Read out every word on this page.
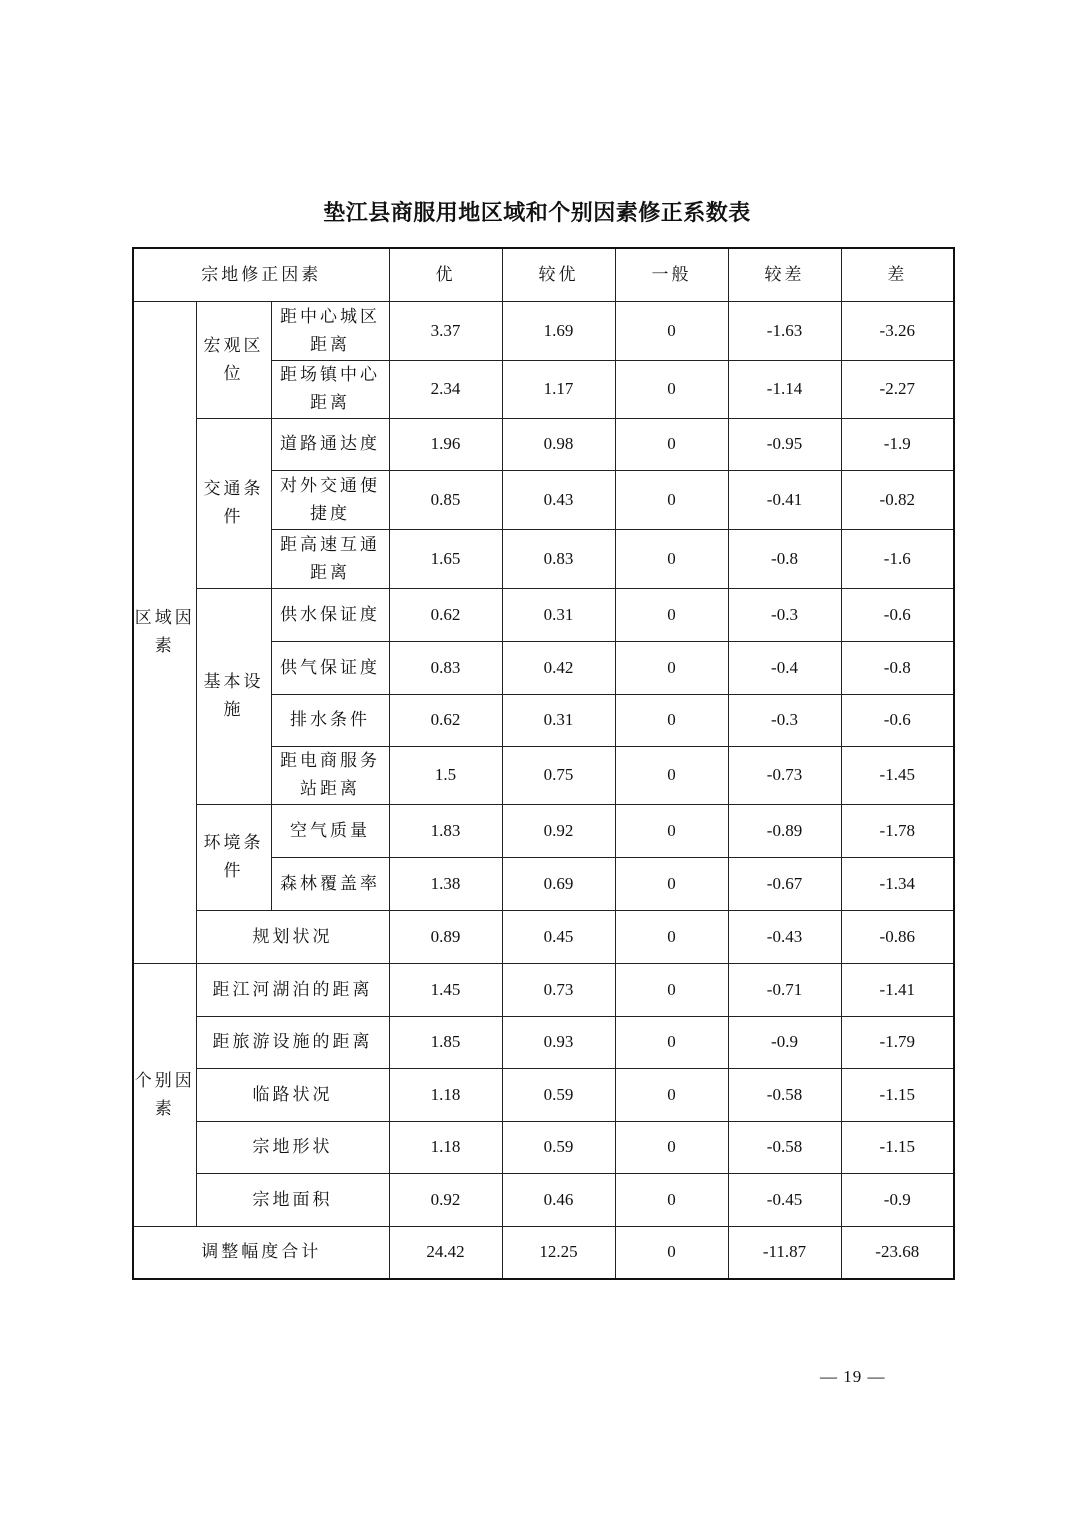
垫江县商服用地区域和个别因素修正系数表
宗地修正因素			优	较优	一般	较差	差
区域因素	宏观区位	距中心城区距离	3.37	1.69	0	-1.63	-3.26
		距场镇中心距离	2.34	1.17	0	-1.14	-2.27
	交通条件	道路通达度	1.96	0.98	0	-0.95	-1.9
		对外交通便捷度	0.85	0.43	0	-0.41	-0.82
		距高速互通距离	1.65	0.83	0	-0.8	-1.6
	基本设施	供水保证度	0.62	0.31	0	-0.3	-0.6
		供气保证度	0.83	0.42	0	-0.4	-0.8
		排水条件	0.62	0.31	0	-0.3	-0.6
		距电商服务站距离	1.5	0.75	0	-0.73	-1.45
	环境条件	空气质量	1.83	0.92	0	-0.89	-1.78
		森林覆盖率	1.38	0.69	0	-0.67	-1.34
	规划状况		0.89	0.45	0	-0.43	-0.86
个别因素	距江河湖泊的距离		1.45	0.73	0	-0.71	-1.41
	距旅游设施的距离		1.85	0.93	0	-0.9	-1.79
	临路状况		1.18	0.59	0	-0.58	-1.15
	宗地形状		1.18	0.59	0	-0.58	-1.15
	宗地面积		0.92	0.46	0	-0.45	-0.9
调整幅度合计			24.42	12.25	0	-11.87	-23.68
— 19 —
